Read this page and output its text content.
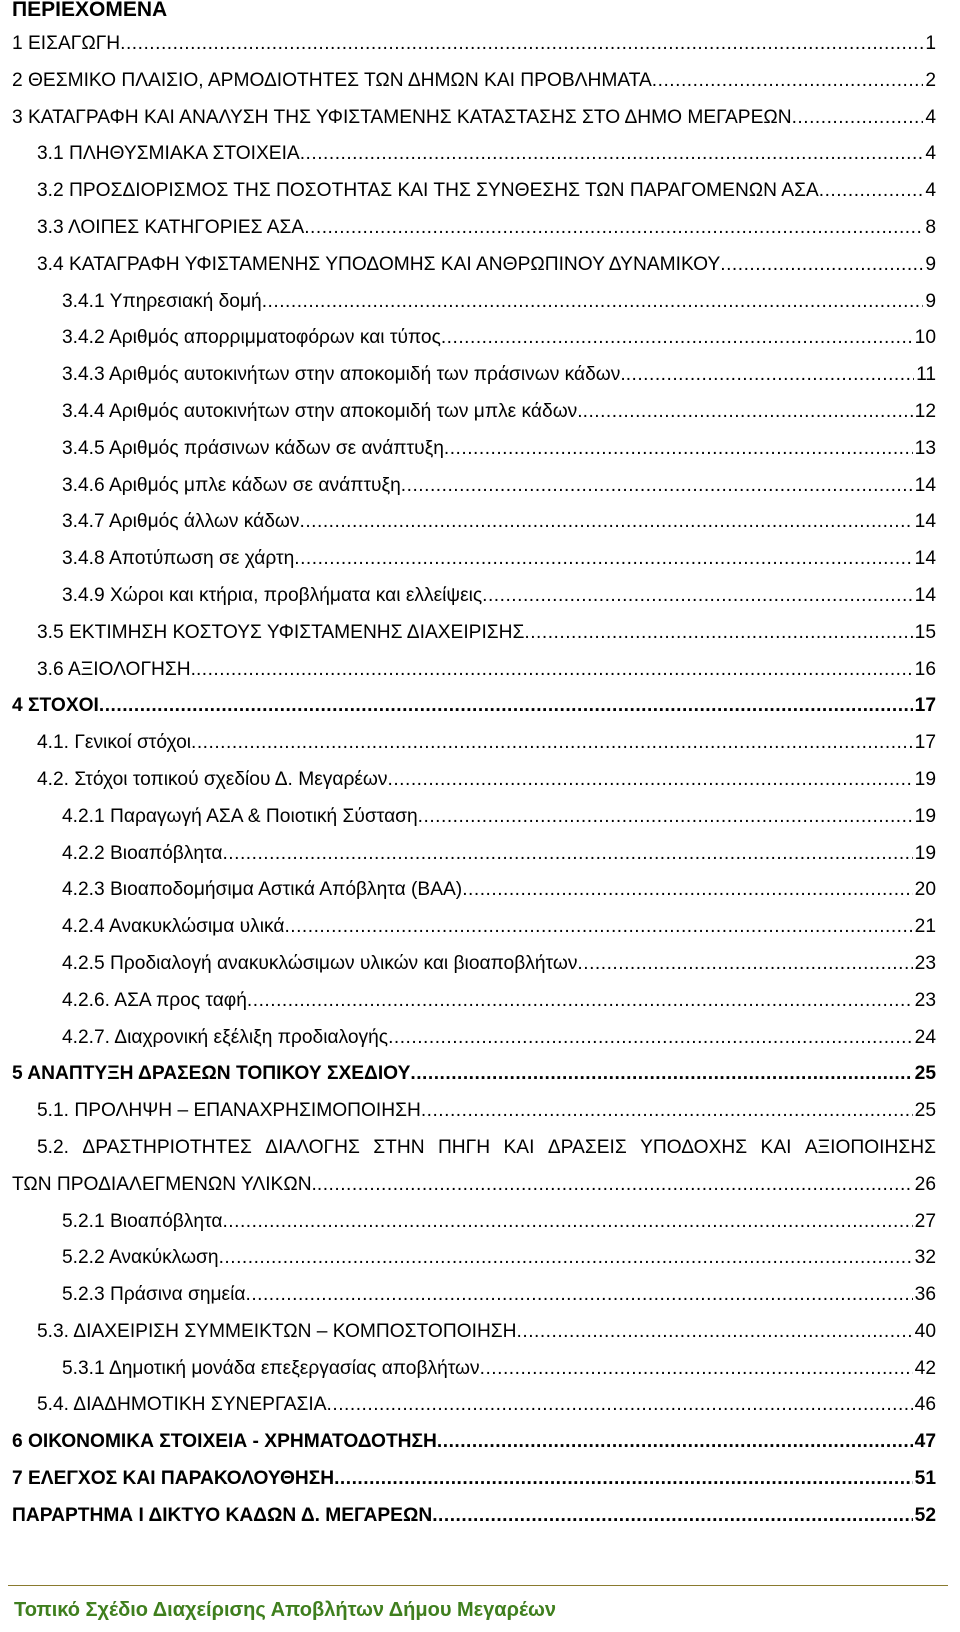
ΠΕΡΙΕΧΟΜΕΝΑ
1 ΕΙΣΑΓΩΓΗ .....	1
2 ΘΕΣΜΙΚΟ ΠΛΑΙΣΙΟ, ΑΡΜΟΔΙΟΤΗΤΕΣ ΤΩΝ ΔΗΜΩΝ ΚΑΙ ΠΡΟΒΛΗΜΑΤΑ .....	2
3 ΚΑΤΑΓΡΑΦΗ ΚΑΙ ΑΝΑΛΥΣΗ ΤΗΣ ΥΦΙΣΤΑΜΕΝΗΣ ΚΑΤΑΣΤΑΣΗΣ ΣΤΟ ΔΗΜΟ ΜΕΓΑΡΕΩΝ .....	4
3.1 ΠΛΗΘΥΣΜΙΑΚΑ ΣΤΟΙΧΕΙΑ .....	4
3.2 ΠΡΟΣΔΙΟΡΙΣΜΟΣ ΤΗΣ ΠΟΣΟΤΗΤΑΣ ΚΑΙ ΤΗΣ ΣΥΝΘΕΣΗΣ ΤΩΝ ΠΑΡΑΓΟΜΕΝΩΝ ΑΣΑ .....	4
3.3 ΛΟΙΠΕΣ ΚΑΤΗΓΟΡΙΕΣ ΑΣΑ .....	8
3.4 ΚΑΤΑΓΡΑΦΗ ΥΦΙΣΤΑΜΕΝΗΣ ΥΠΟΔΟΜΗΣ ΚΑΙ ΑΝΘΡΩΠΙΝΟΥ ΔΥΝΑΜΙΚΟΥ .....	9
3.4.1 Υπηρεσιακή δομή .....	9
3.4.2 Αριθμός απορριμματοφόρων και τύπος .....	10
3.4.3 Αριθμός αυτοκινήτων στην αποκομιδή των πράσινων κάδων. .....	11
3.4.4 Αριθμός αυτοκινήτων στην αποκομιδή των μπλε κάδων. .....	12
3.4.5 Αριθμός πράσινων κάδων σε ανάπτυξη .....	13
3.4.6 Αριθμός μπλε κάδων σε ανάπτυξη .....	14
3.4.7 Αριθμός άλλων κάδων .....	14
3.4.8 Αποτύπωση σε χάρτη .....	14
3.4.9 Χώροι και κτήρια, προβλήματα και ελλείψεις .....	14
3.5 ΕΚΤΙΜΗΣΗ ΚΟΣΤΟΥΣ ΥΦΙΣΤΑΜΕΝΗΣ ΔΙΑΧΕΙΡΙΣΗΣ .....	15
3.6 ΑΞΙΟΛΟΓΗΣΗ. .....	16
4 ΣΤΟΧΟΙ .....	17
4.1. Γενικοί στόχοι .....	17
4.2. Στόχοι τοπικού σχεδίου Δ. Μεγαρέων .....	19
4.2.1 Παραγωγή ΑΣΑ & Ποιοτική Σύσταση .....	19
4.2.2 Βιοαπόβλητα .....	19
4.2.3 Βιοαποδομήσιμα Αστικά Απόβλητα (ΒΑΑ) .....	20
4.2.4 Ανακυκλώσιμα υλικά .....	21
4.2.5 Προδιαλογή ανακυκλώσιμων υλικών και βιοαποβλήτων .....	23
4.2.6. ΑΣΑ προς ταφή .....	23
4.2.7. Διαχρονική εξέλιξη προδιαλογής .....	24
5 ΑΝΑΠΤΥΞΗ ΔΡΑΣΕΩΝ ΤΟΠΙΚΟΥ ΣΧΕΔΙΟΥ .....	25
5.1. ΠΡΟΛΗΨΗ – ΕΠΑΝΑΧΡΗΣΙΜΟΠΟΙΗΣΗ .....	25
5.2. ΔΡΑΣΤΗΡΙΟΤΗΤΕΣ ΔΙΑΛΟΓΗΣ ΣΤΗΝ ΠΗΓΗ ΚΑΙ ΔΡΑΣΕΙΣ ΥΠΟΔΟΧΗΣ ΚΑΙ ΑΞΙΟΠΟΙΗΣΗΣ
ΤΩΝ ΠΡΟΔΙΑΛΕΓΜΕΝΩΝ ΥΛΙΚΩΝ. .....	26
5.2.1 Βιοαπόβλητα .....	27
5.2.2 Ανακύκλωση .....	32
5.2.3 Πράσινα σημεία .....	36
5.3. ΔΙΑΧΕΙΡΙΣΗ ΣΥΜΜΕΙΚΤΩΝ – ΚΟΜΠΟΣΤΟΠΟΙΗΣΗ .....	40
5.3.1 Δημοτική μονάδα επεξεργασίας αποβλήτων .....	42
5.4. ΔΙΑΔΗΜΟΤΙΚΗ ΣΥΝΕΡΓΑΣΙΑ .....	46
6 ΟΙΚΟΝΟΜΙΚΑ ΣΤΟΙΧΕΙΑ - ΧΡΗΜΑΤΟΔΟΤΗΣΗ .....	47
7 ΕΛΕΓΧΟΣ ΚΑΙ ΠΑΡΑΚΟΛΟΥΘΗΣΗ .....	51
ΠΑΡΑΡΤΗΜΑ Ι ΔΙΚΤΥΟ ΚΑΔΩΝ Δ. ΜΕΓΑΡΕΩΝ .....	52
Τοπικό Σχέδιο Διαχείρισης Αποβλήτων Δήμου Μεγαρέων
